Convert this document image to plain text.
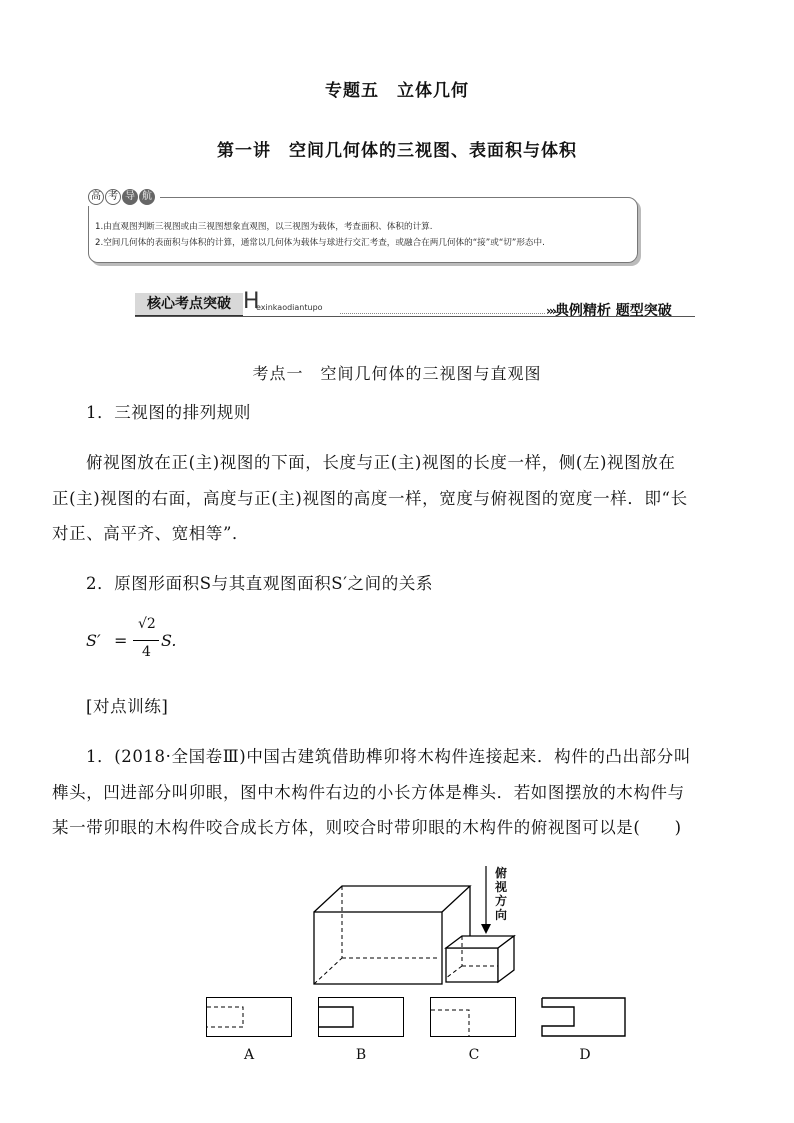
专题五　立体几何
第一讲　空间几何体的三视图、表面积与体积
高 考 导 航
1.由直观图判断三视图或由三视图想象直观图，以三视图为载体，考查面积、体积的计算.
2.空间几何体的表面积与体积的计算，通常以几何体为载体与球进行交汇考查，或融合在两几何体的“接”或“切”形态中.
核心考点突破 H
exinkaodiantupo	›››典例精析 题型突破
考点一　空间几何体的三视图与直观图
1．三视图的排列规则
俯视图放在正(主)视图的下面，长度与正(主)视图的长度一样，侧(左)视图放在
正(主)视图的右面，高度与正(主)视图的高度一样，宽度与俯视图的宽度一样．即“长
对正、高平齐、宽相等”．
2．原图形面积S与其直观图面积S′之间的关系
S′ =
√2
4
S.
[对点训练]
1．(2018·全国卷Ⅲ)中国古建筑借助榫卯将木构件连接起来．构件的凸出部分叫
榫头，凹进部分叫卯眼，图中木构件右边的小长方体是榫头．若如图摆放的木构件与
某一带卯眼的木构件咬合成长方体，则咬合时带卯眼的木构件的俯视图可以是(　　)
俯
视
方
向
A	B	C	D
